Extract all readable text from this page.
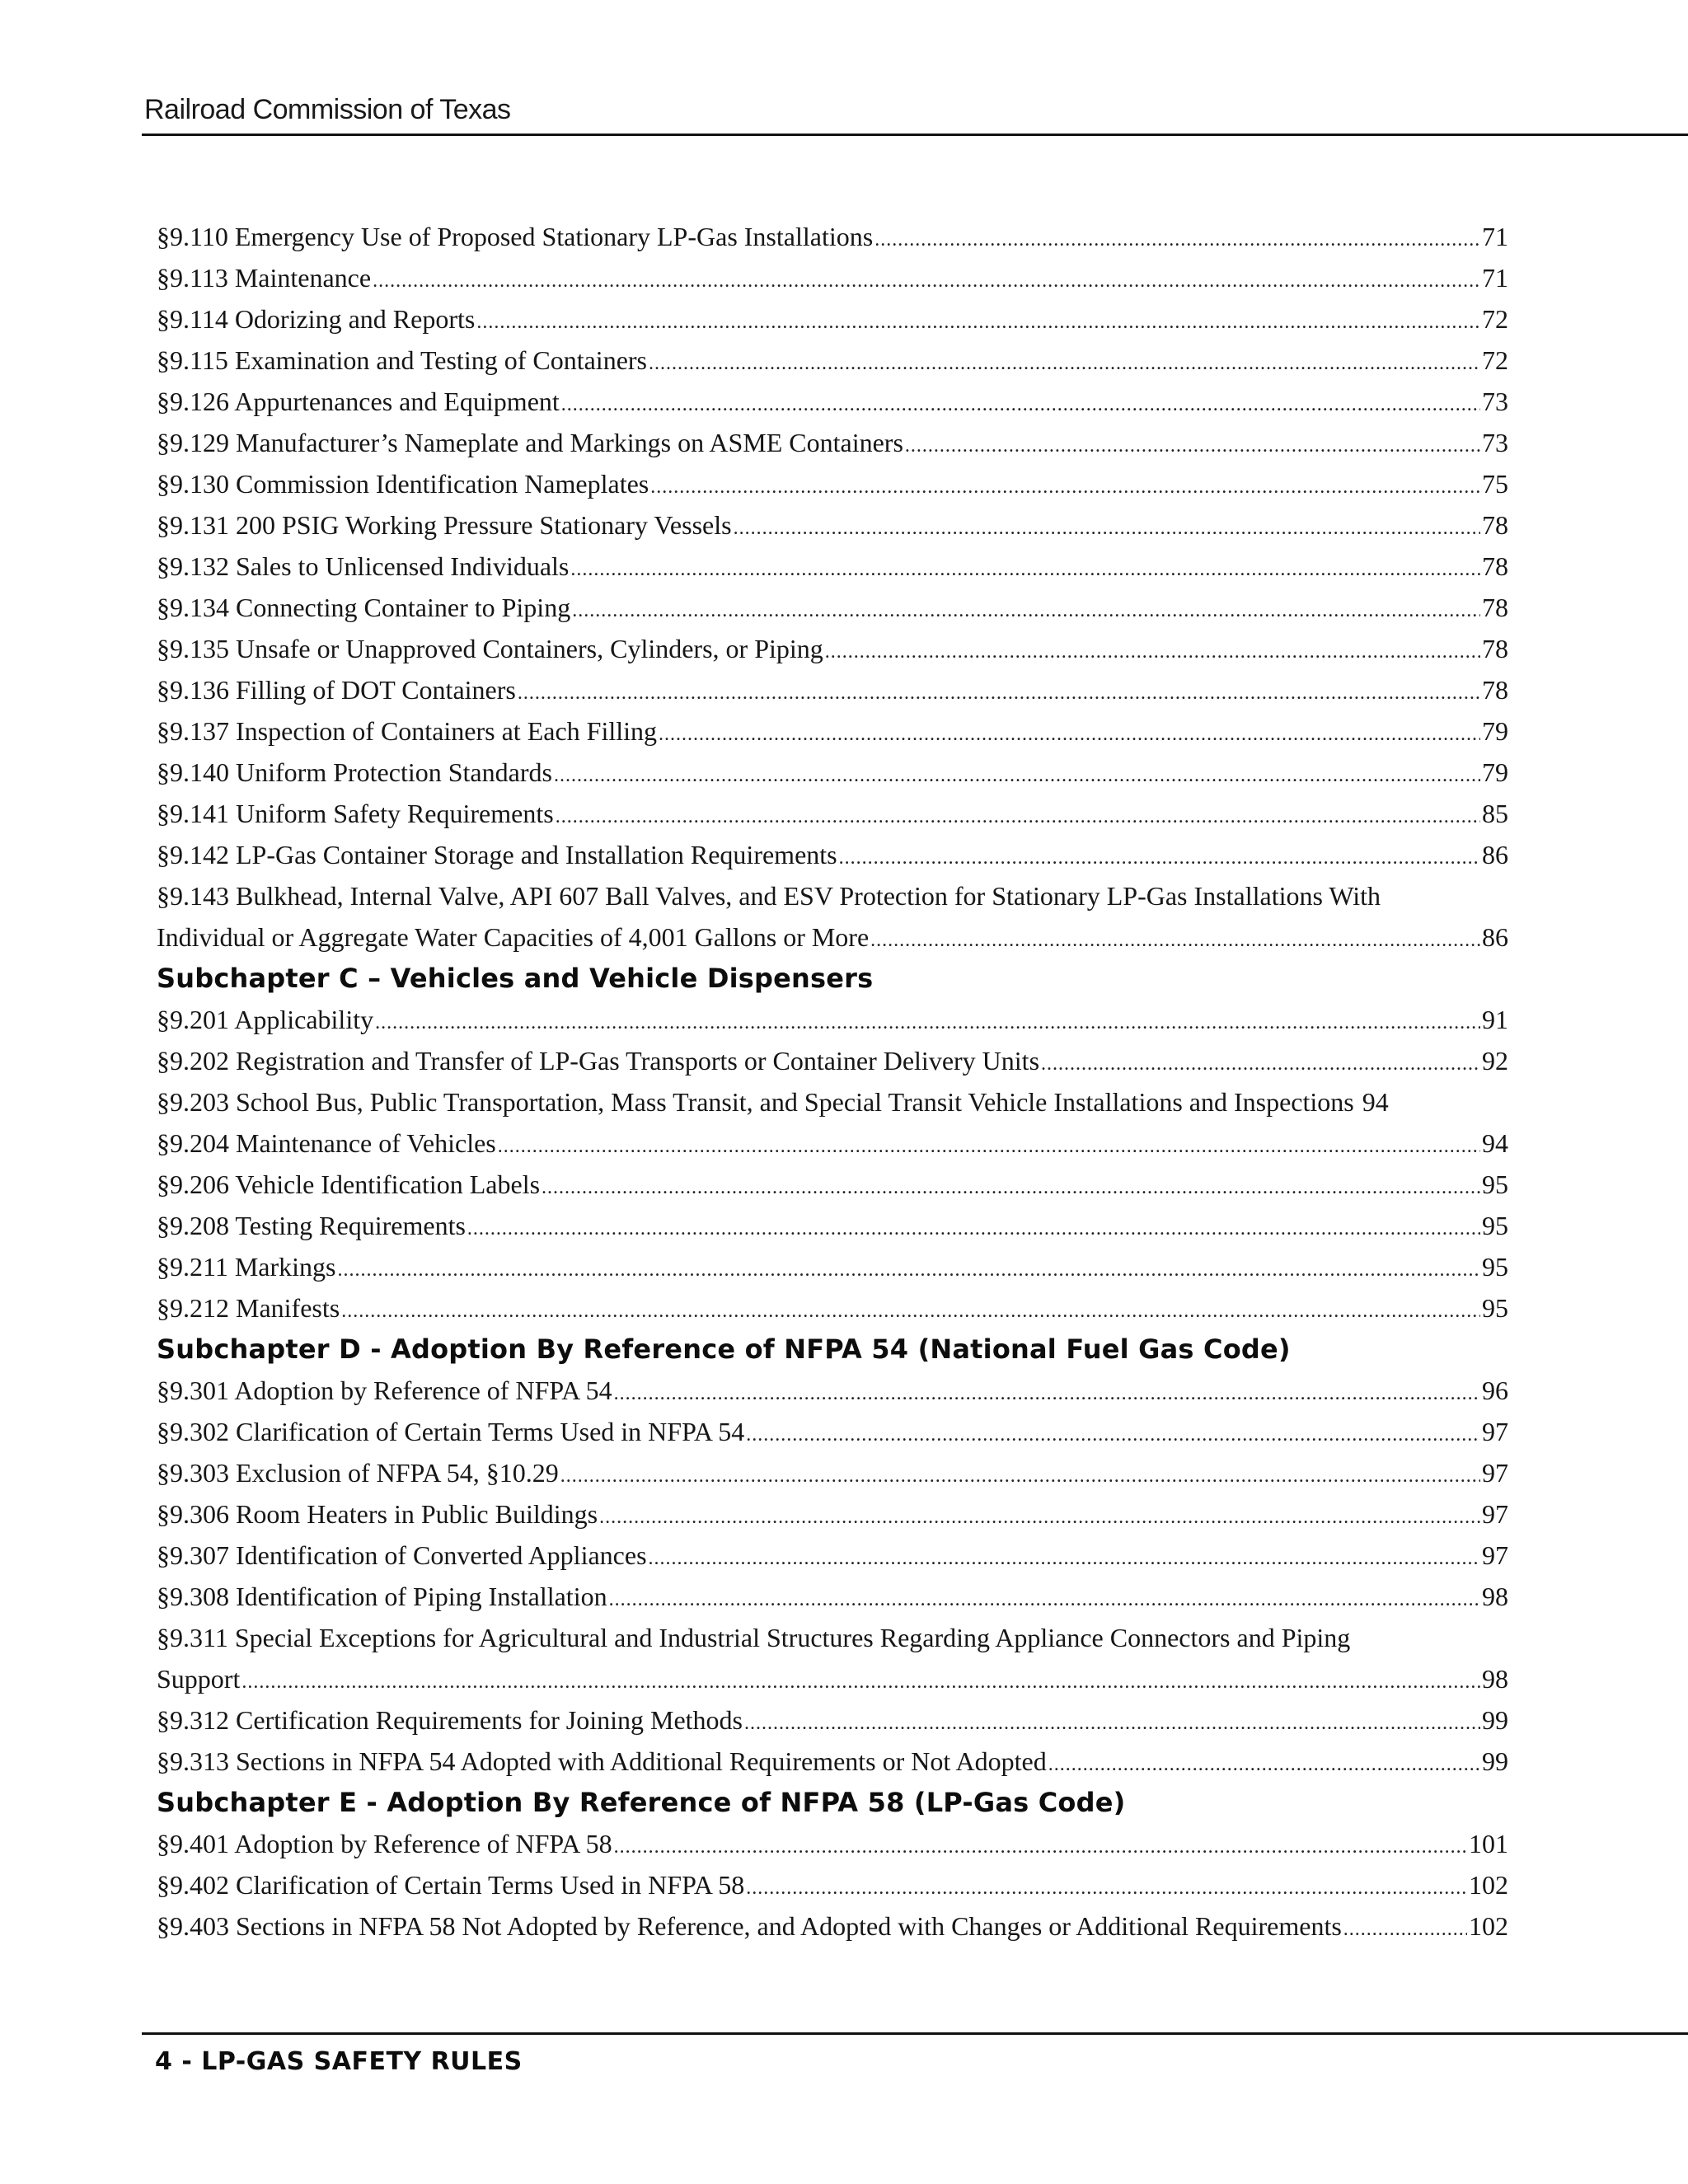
Railroad Commission of Texas
§9.110 Emergency Use of Proposed Stationary LP-Gas Installations .....	71
§9.113 Maintenance .....	71
§9.114 Odorizing and Reports .....	72
§9.115 Examination and Testing of Containers .....	72
§9.126 Appurtenances and Equipment .....	73
§9.129 Manufacturer’s Nameplate and Markings on ASME Containers .....	73
§9.130 Commission Identification Nameplates .....	75
§9.131 200 PSIG Working Pressure Stationary Vessels .....	78
§9.132 Sales to Unlicensed Individuals .....	78
§9.134 Connecting Container to Piping .....	78
§9.135 Unsafe or Unapproved Containers, Cylinders, or Piping .....	78
§9.136 Filling of DOT Containers .....	78
§9.137 Inspection of Containers at Each Filling .....	79
§9.140 Uniform Protection Standards .....	79
§9.141 Uniform Safety Requirements .....	85
§9.142 LP-Gas Container Storage and Installation Requirements .....	86
§9.143 Bulkhead, Internal Valve, API 607 Ball Valves, and ESV Protection for Stationary LP-Gas Installations With
Individual or Aggregate Water Capacities of 4,001 Gallons or More .....	86
Subchapter C – Vehicles and Vehicle Dispensers
§9.201 Applicability .....	91
§9.202 Registration and Transfer of LP-Gas Transports or Container Delivery Units .....	92
§9.203 School Bus, Public Transportation, Mass Transit, and Special Transit Vehicle Installations and Inspections 94
§9.204 Maintenance of Vehicles .....	94
§9.206 Vehicle Identification Labels .....	95
§9.208 Testing Requirements .....	95
§9.211 Markings .....	95
§9.212 Manifests .....	95
Subchapter D - Adoption By Reference of NFPA 54 (National Fuel Gas Code)
§9.301 Adoption by Reference of NFPA 54 .....	96
§9.302 Clarification of Certain Terms Used in NFPA 54 .....	97
§9.303 Exclusion of NFPA 54, §10.29 .....	97
§9.306 Room Heaters in Public Buildings .....	97
§9.307 Identification of Converted Appliances .....	97
§9.308 Identification of Piping Installation .....	98
§9.311 Special Exceptions for Agricultural and Industrial Structures Regarding Appliance Connectors and Piping
Support .....	98
§9.312 Certification Requirements for Joining Methods .....	99
§9.313 Sections in NFPA 54 Adopted with Additional Requirements or Not Adopted .....	99
Subchapter E - Adoption By Reference of NFPA 58 (LP-Gas Code)
§9.401 Adoption by Reference of NFPA 58 .....	101
§9.402 Clarification of Certain Terms Used in NFPA 58 .....	102
§9.403 Sections in NFPA 58 Not Adopted by Reference, and Adopted with Changes or Additional Requirements .....	102
4 - LP-GAS SAFETY RULES
